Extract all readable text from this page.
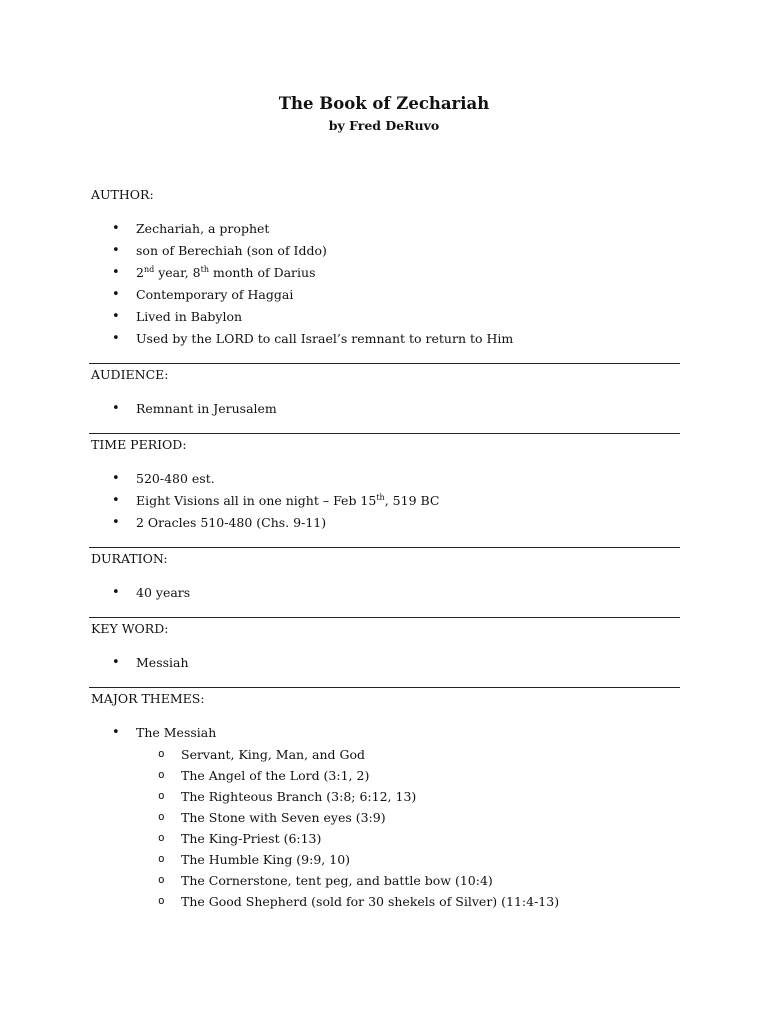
The Book of Zechariah
by Fred DeRuvo
AUTHOR:
• Zechariah, a prophet
• son of Berechiah (son of Iddo)
• 2nd year, 8th month of Darius
• Contemporary of Haggai
• Lived in Babylon
• Used by the LORD to call Israel’s remnant to return to Him
AUDIENCE:
• Remnant in Jerusalem
TIME PERIOD:
• 520-480 est.
• Eight Visions all in one night – Feb 15th, 519 BC
• 2 Oracles 510-480 (Chs. 9-11)
DURATION:
• 40 years
KEY WORD:
• Messiah
MAJOR THEMES:
• The Messiah
o Servant, King, Man, and God
o The Angel of the Lord (3:1, 2)
o The Righteous Branch (3:8; 6:12, 13)
o The Stone with Seven eyes (3:9)
o The King-Priest (6:13)
o The Humble King (9:9, 10)
o The Cornerstone, tent peg, and battle bow (10:4)
o The Good Shepherd (sold for 30 shekels of Silver) (11:4-13)
